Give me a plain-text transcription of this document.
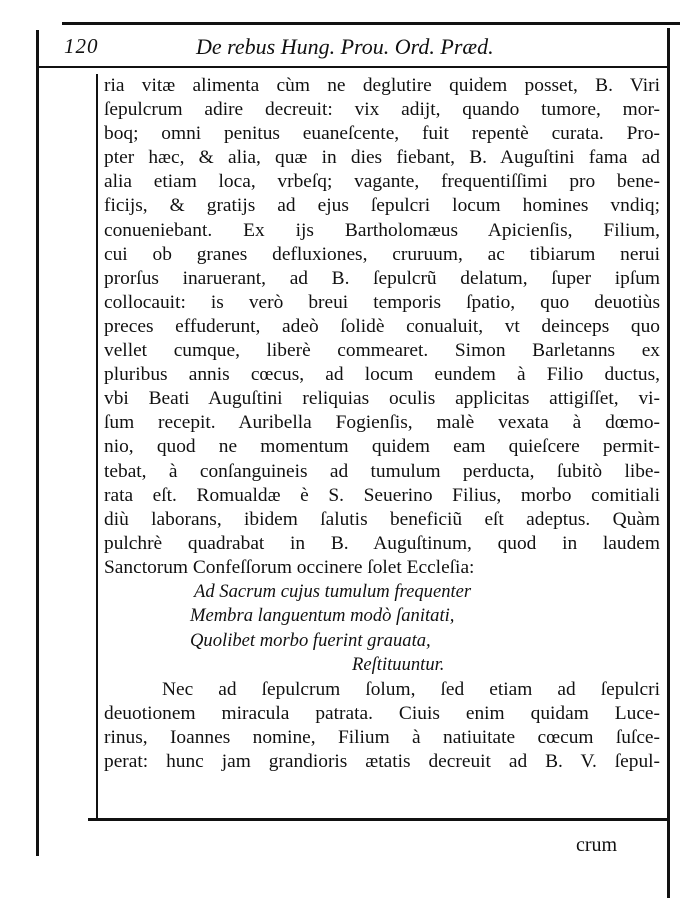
120	De rebus Hung. Prou. Ord. Præd.
ria vitæ alimenta cùm ne deglutire quidem posset, B. Viri
ſepulcrum adire decreuit: vix adijt, quando tumore, mor-
boq; omni penitus euaneſcente, fuit repentè curata. Pro-
pter hæc, & alia, quæ in dies fiebant, B. Auguſtini fama ad
alia etiam loca, vrbeſq; vagante, frequentiſſimi pro bene-
ficijs, & gratijs ad ejus ſepulcri locum homines vndiq;
conueniebant. Ex ijs Bartholomæus Apicienſis, Filium,
cui ob granes defluxiones, cruruum, ac tibiarum nerui
prorſus inaruerant, ad B. ſepulcrũ delatum, ſuper ipſum
collocauit: is verò breui temporis ſpatio, quo deuotiùs
preces effuderunt, adeò ſolidè conualuit, vt deinceps quo
vellet cumque, liberè commearet. Simon Barletanns ex
pluribus annis cœcus, ad locum eundem à Filio ductus,
vbi Beati Auguſtini reliquias oculis applicitas attigiſſet, vi-
ſum recepit. Auribella Fogienſis, malè vexata à dœmo-
nio, quod ne momentum quidem eam quieſcere permit-
tebat, à conſanguineis ad tumulum perducta, ſubitò libe-
rata eſt. Romualdæ è S. Seuerino Filius, morbo comitiali
diù laborans, ibidem ſalutis beneficiũ eſt adeptus. Quàm
pulchrè quadrabat in B. Auguſtinum, quod in laudem
Sanctorum Confeſſorum occinere ſolet Eccleſia:
Ad Sacrum cujus tumulum frequenter
Membra languentum modò ſanitati,
Quolibet morbo fuerint grauata,
Reſtituuntur.
Nec ad ſepulcrum ſolum, ſed etiam ad ſepulcri
deuotionem miracula patrata. Ciuis enim quidam Luce-
rinus, Ioannes nomine, Filium à natiuitate cœcum ſuſce-
perat: hunc jam grandioris ætatis decreuit ad B. V. ſepul-
crum
